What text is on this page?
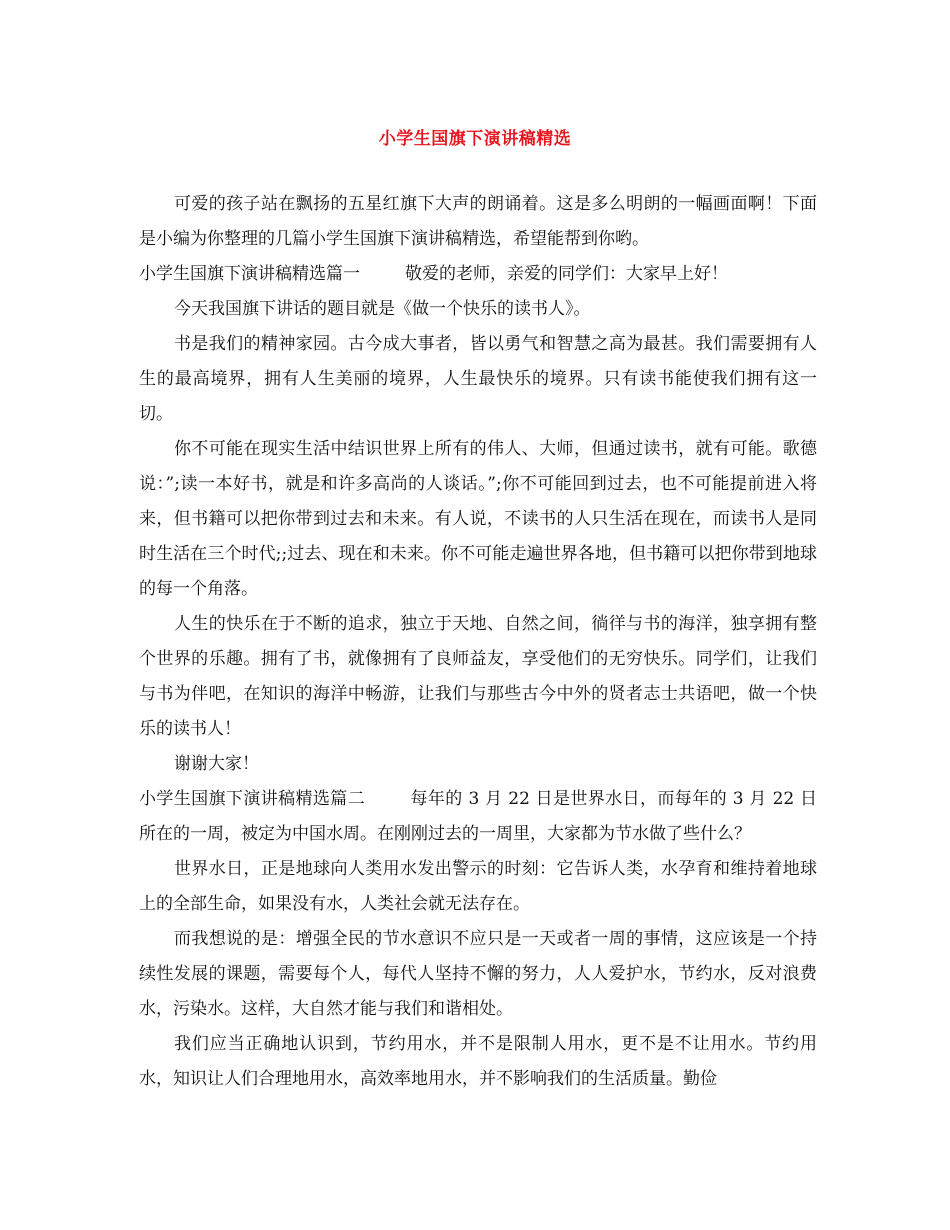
小学生国旗下演讲稿精选

可爱的孩子站在飘扬的五星红旗下大声的朗诵着。这是多么明朗的一幅画面啊！下面是小编为你整理的几篇小学生国旗下演讲稿精选，希望能帮到你哟。

小学生国旗下演讲稿精选篇一	敬爱的老师，亲爱的同学们：大家早上好！

今天我国旗下讲话的题目就是《做一个快乐的读书人》。

书是我们的精神家园。古今成大事者，皆以勇气和智慧之高为最甚。我们需要拥有人生的最高境界，拥有人生美丽的境界，人生最快乐的境界。只有读书能使我们拥有这一切。

你不可能在现实生活中结识世界上所有的伟人、大师，但通过读书，就有可能。歌德说：”;读一本好书，就是和许多高尚的人谈话。”;你不可能回到过去，也不可能提前进入将来，但书籍可以把你带到过去和未来。有人说，不读书的人只生活在现在，而读书人是同时生活在三个时代;;过去、现在和未来。你不可能走遍世界各地，但书籍可以把你带到地球的每一个角落。

人生的快乐在于不断的追求，独立于天地、自然之间，徜徉与书的海洋，独享拥有整个世界的乐趣。拥有了书，就像拥有了良师益友，享受他们的无穷快乐。同学们，让我们与书为伴吧，在知识的海洋中畅游，让我们与那些古今中外的贤者志士共语吧，做一个快乐的读书人！

谢谢大家！

小学生国旗下演讲稿精选篇二	每年的 3 月 22 日是世界水日，而每年的 3 月 22 日所在的一周，被定为中国水周。在刚刚过去的一周里，大家都为节水做了些什么？

世界水日，正是地球向人类用水发出警示的时刻：它告诉人类，水孕育和维持着地球上的全部生命，如果没有水，人类社会就无法存在。

而我想说的是：增强全民的节水意识不应只是一天或者一周的事情，这应该是一个持续性发展的课题，需要每个人，每代人坚持不懈的努力，人人爱护水，节约水，反对浪费水，污染水。这样，大自然才能与我们和谐相处。

我们应当正确地认识到，节约用水，并不是限制人用水，更不是不让用水。节约用水，知识让人们合理地用水，高效率地用水，并不影响我们的生活质量。勤俭
